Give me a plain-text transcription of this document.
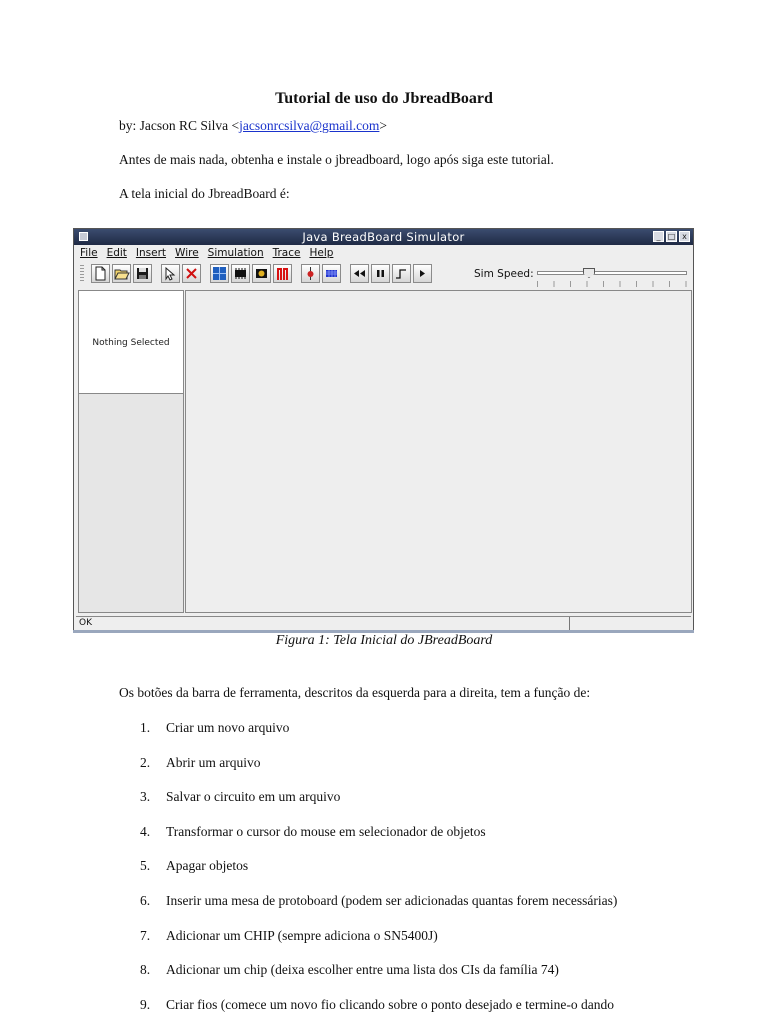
Tutorial de uso do JbreadBoard
by: Jacson RC Silva <jacsonrcsilva@gmail.com>
Antes de mais nada, obtenha e instale o jbreadboard, logo após siga este tutorial.
A tela inicial do JbreadBoard é:
Java BreadBoard Simulator	_ □ x
File Edit Insert Wire Simulation Trace Help
Sim Speed:
Nothing Selected
OK
Figura 1: Tela Inicial do JBreadBoard
Os botões da barra de ferramenta, descritos da esquerda para a direita, tem a função de:
1. Criar um novo arquivo
2. Abrir um arquivo
3. Salvar o circuito em um arquivo
4. Transformar o cursor do mouse em selecionador de objetos
5. Apagar objetos
6. Inserir uma mesa de protoboard (podem ser adicionadas quantas forem necessárias)
7. Adicionar um CHIP (sempre adiciona o SN5400J)
8. Adicionar um chip (deixa escolher entre uma lista dos CIs da família 74)
9. Criar fios (comece um novo fio clicando sobre o ponto desejado e termine-o dando
